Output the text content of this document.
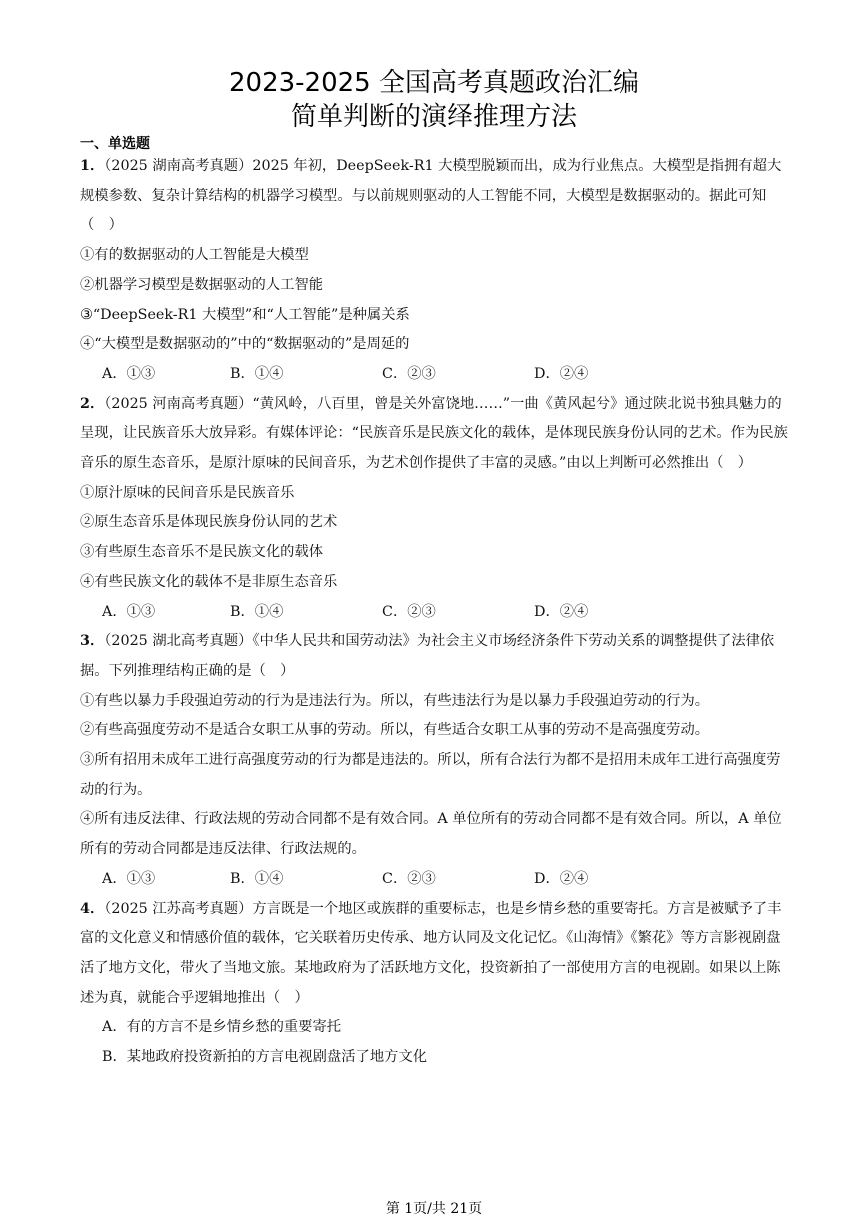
2023-2025 全国高考真题政治汇编
简单判断的演绎推理方法
一、单选题

1．（2025 湖南高考真题）2025 年初，DeepSeek-R1 大模型脱颖而出，成为行业焦点。大模型是指拥有超大规模参数、复杂计算结构的机器学习模型。与以前规则驱动的人工智能不同，大模型是数据驱动的。据此可知（　）

①有的数据驱动的人工智能是大模型

②机器学习模型是数据驱动的人工智能

③“DeepSeek-R1 大模型”和“人工智能”是种属关系

④“大模型是数据驱动的”中的“数据驱动的”是周延的

A．①③	B．①④	C．②③	D．②④

2．（2025 河南高考真题）“黄风岭，八百里，曾是关外富饶地……”一曲《黄风起兮》通过陕北说书独具魅力的呈现，让民族音乐大放异彩。有媒体评论：“民族音乐是民族文化的载体，是体现民族身份认同的艺术。作为民族音乐的原生态音乐，是原汁原味的民间音乐，为艺术创作提供了丰富的灵感。”由以上判断可必然推出（　）

①原汁原味的民间音乐是民族音乐

②原生态音乐是体现民族身份认同的艺术

③有些原生态音乐不是民族文化的载体

④有些民族文化的载体不是非原生态音乐

A．①③	B．①④	C．②③	D．②④

3．（2025 湖北高考真题）《中华人民共和国劳动法》为社会主义市场经济条件下劳动关系的调整提供了法律依据。下列推理结构正确的是（　）

①有些以暴力手段强迫劳动的行为是违法行为。所以，有些违法行为是以暴力手段强迫劳动的行为。

②有些高强度劳动不是适合女职工从事的劳动。所以，有些适合女职工从事的劳动不是高强度劳动。

③所有招用未成年工进行高强度劳动的行为都是违法的。所以，所有合法行为都不是招用未成年工进行高强度劳动的行为。

④所有违反法律、行政法规的劳动合同都不是有效合同。A 单位所有的劳动合同都不是有效合同。所以，A 单位所有的劳动合同都是违反法律、行政法规的。

A．①③	B．①④	C．②③	D．②④

4．（2025 江苏高考真题）方言既是一个地区或族群的重要标志，也是乡情乡愁的重要寄托。方言是被赋予了丰富的文化意义和情感价值的载体，它关联着历史传承、地方认同及文化记忆。《山海情》《繁花》等方言影视剧盘活了地方文化，带火了当地文旅。某地政府为了活跃地方文化，投资新拍了一部使用方言的电视剧。如果以上陈述为真，就能合乎逻辑地推出（　）

A．有的方言不是乡情乡愁的重要寄托

B．某地政府投资新拍的方言电视剧盘活了地方文化

第 1页/共 21页
